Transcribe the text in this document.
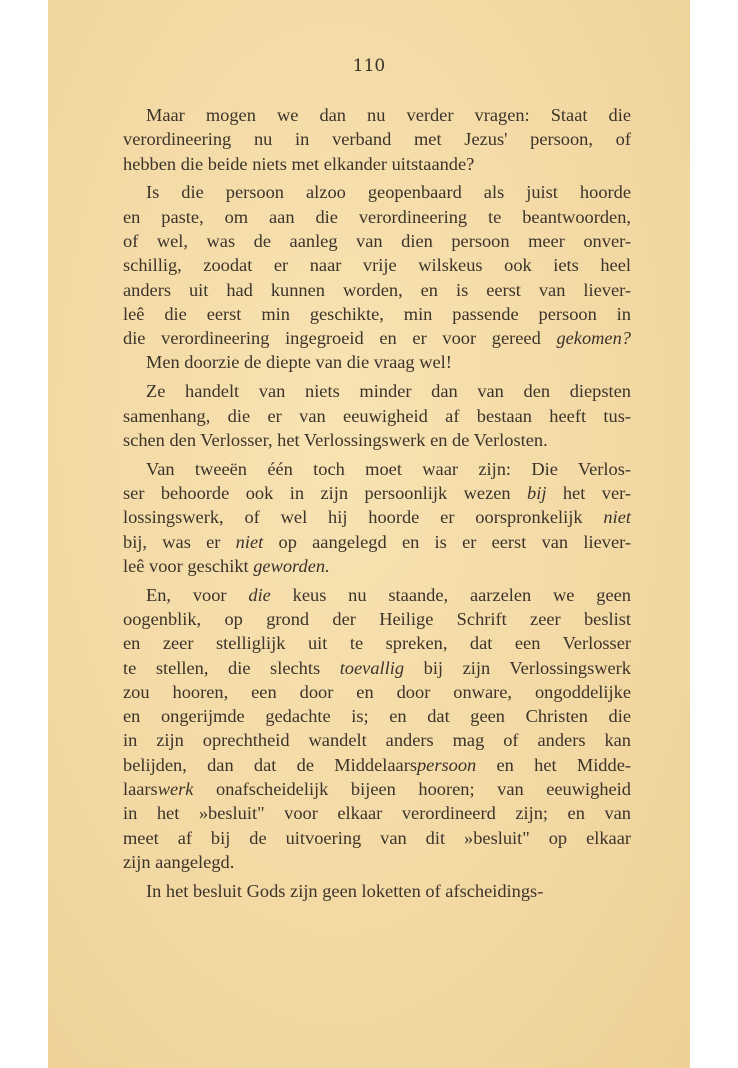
110
Maar mogen we dan nu verder vragen: Staat die
verordineering nu in verband met Jezus' persoon, of
hebben die beide niets met elkander uitstaande?
Is die persoon alzoo geopenbaard als juist hoorde
en paste, om aan die verordineering te beantwoorden,
of wel, was de aanleg van dien persoon meer onver-
schillig, zoodat er naar vrije wilskeus ook iets heel
anders uit had kunnen worden, en is eerst van liever-
leê die eerst min geschikte, min passende persoon in
die verordineering ingegroeid en er voor gereed gekomen?
Men doorzie de diepte van die vraag wel!
Ze handelt van niets minder dan van den diepsten
samenhang, die er van eeuwigheid af bestaan heeft tus-
schen den Verlosser, het Verlossingswerk en de Verlosten.
Van tweeën één toch moet waar zijn: Die Verlos-
ser behoorde ook in zijn persoonlijk wezen bij het ver-
lossingswerk, of wel hij hoorde er oorspronkelijk niet
bij, was er niet op aangelegd en is er eerst van liever-
leê voor geschikt geworden.
En, voor die keus nu staande, aarzelen we geen
oogenblik, op grond der Heilige Schrift zeer beslist
en zeer stelliglijk uit te spreken, dat een Verlosser
te stellen, die slechts toevallig bij zijn Verlossingswerk
zou hooren, een door en door onware, ongoddelijke
en ongerijmde gedachte is; en dat geen Christen die
in zijn oprechtheid wandelt anders mag of anders kan
belijden, dan dat de Middelaarspersoon en het Midde-
laarswerk onafscheidelijk bijeen hooren; van eeuwigheid
in het »besluit" voor elkaar verordineerd zijn; en van
meet af bij de uitvoering van dit »besluit" op elkaar
zijn aangelegd.
In het besluit Gods zijn geen loketten of afscheidings-
